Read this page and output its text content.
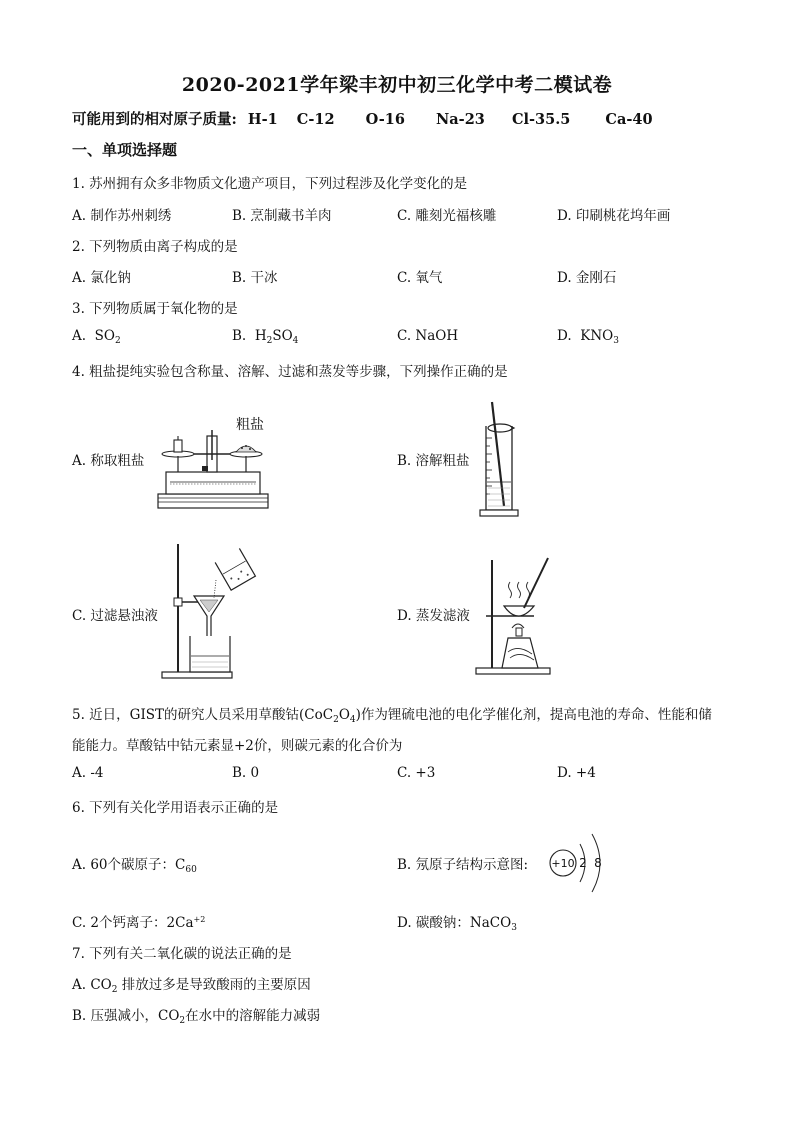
2020-2021学年梁丰初中初三化学中考二模试卷
可能用到的相对原子质量: H-1 C-12 O-16 Na-23 Cl-35.5 Ca-40
一、单项选择题
1. 苏州拥有众多非物质文化遗产项目，下列过程涉及化学变化的是
A. 制作苏州刺绣	B. 烹制藏书羊肉	C. 雕刻光福核雕	D. 印刷桃花坞年画
2. 下列物质由离子构成的是
A. 氯化钠	B. 干冰	C. 氧气	D. 金刚石
3. 下列物质属于氧化物的是
A. $SO_2$	B. $H_2SO_4$	C. NaOH	D. $KNO_3$
4. 粗盐提纯实验包含称量、溶解、过滤和蒸发等步骤，下列操作正确的是
A. 称取粗盐
粗盐
B. 溶解粗盐
C. 过滤悬浊液	D. 蒸发滤液
5. 近日，GIST的研究人员采用草酸钴$(CoC_2O_4)$作为锂硫电池的电化学催化剂，提高电池的寿命、性能和储
能能力。草酸钴中钴元素显+2价，则碳元素的化合价为
A. -4	B. 0	C. +3	D. +4
6. 下列有关化学用语表示正确的是
A. 60个碳原子：$C_{60}$	B. 氖原子结构示意图: +10 2 8
C. 2个钙离子：$2Ca^{+2}$	D. 碳酸钠：NaCO$_3$
7. 下列有关二氧化碳的说法正确的是
A. $CO_2$ 排放过多是导致酸雨的主要原因
B. 压强减小，$CO_2$在水中的溶解能力减弱
